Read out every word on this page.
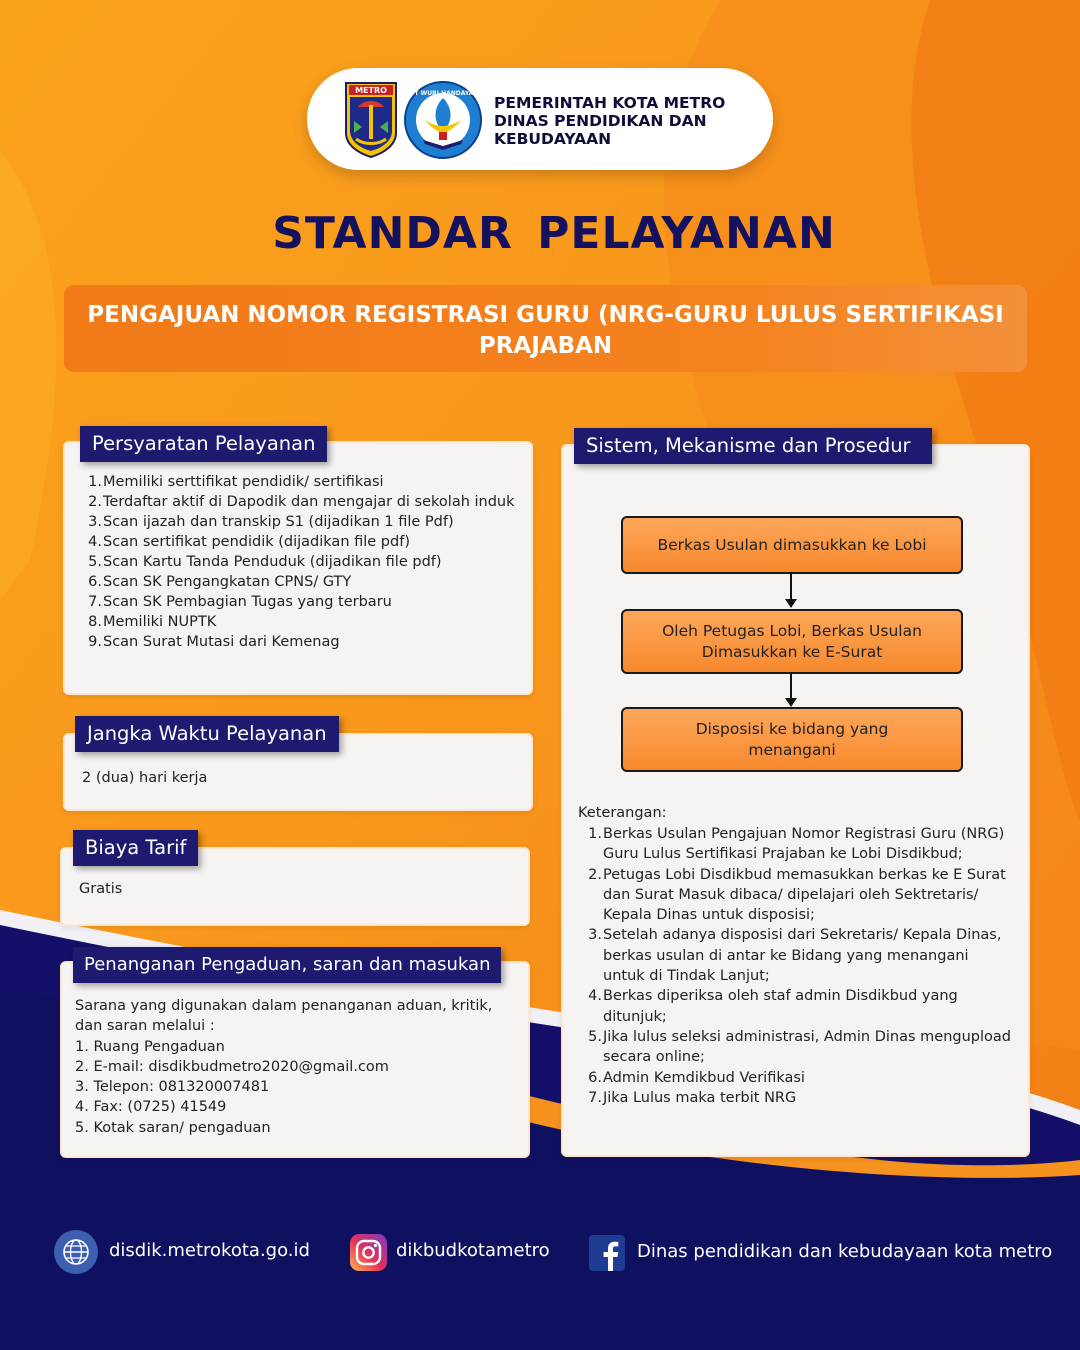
METRO	TUT WURI HANDAYANI
PEMERINTAH KOTA METRO
DINAS PENDIDIKAN DAN
KEBUDAYAAN
STANDAR PELAYANAN
PENGAJUAN NOMOR REGISTRASI GURU (NRG-GURU LULUS SERTIFIKASI
PRAJABAN
Persyaratan Pelayanan
1. Memiliki serttifikat pendidik/ sertifikasi
2. Terdaftar aktif di Dapodik dan mengajar di sekolah induk
3. Scan ijazah dan transkip S1 (dijadikan 1 file Pdf)
4. Scan sertifikat pendidik (dijadikan file pdf)
5. Scan Kartu Tanda Penduduk (dijadikan file pdf)
6. Scan SK Pengangkatan CPNS/ GTY
7. Scan SK Pembagian Tugas yang terbaru
8. Memiliki NUPTK
9. Scan Surat Mutasi dari Kemenag
Jangka Waktu Pelayanan
2 (dua) hari kerja
Biaya Tarif
Gratis
Penanganan Pengaduan, saran dan masukan
Sarana yang digunakan dalam penanganan aduan, kritik,
dan saran melalui :
1. Ruang Pengaduan
2. E-mail: disdikbudmetro2020@gmail.com
3. Telepon: 081320007481
4. Fax: (0725) 41549
5. Kotak saran/ pengaduan
Sistem, Mekanisme dan Prosedur
Berkas Usulan dimasukkan ke Lobi
Oleh Petugas Lobi, Berkas Usulan
Dimasukkan ke E-Surat
Disposisi ke bidang yang
menangani
Keterangan:
1. Berkas Usulan Pengajuan Nomor Registrasi Guru (NRG) Guru Lulus Sertifikasi Prajaban ke Lobi Disdikbud;
2. Petugas Lobi Disdikbud memasukkan berkas ke E Surat dan Surat Masuk dibaca/ dipelajari oleh Sektretaris/ Kepala Dinas untuk disposisi;
3. Setelah adanya disposisi dari Sekretaris/ Kepala Dinas, berkas usulan di antar ke Bidang yang menangani untuk di Tindak Lanjut;
4. Berkas diperiksa oleh staf admin Disdikbud yang ditunjuk;
5. Jika lulus seleksi administrasi, Admin Dinas mengupload secara online;
6. Admin Kemdikbud Verifikasi
7. Jika Lulus maka terbit NRG
disdik.metrokota.go.id	dikbudkotametro	Dinas pendidikan dan kebudayaan kota metro
